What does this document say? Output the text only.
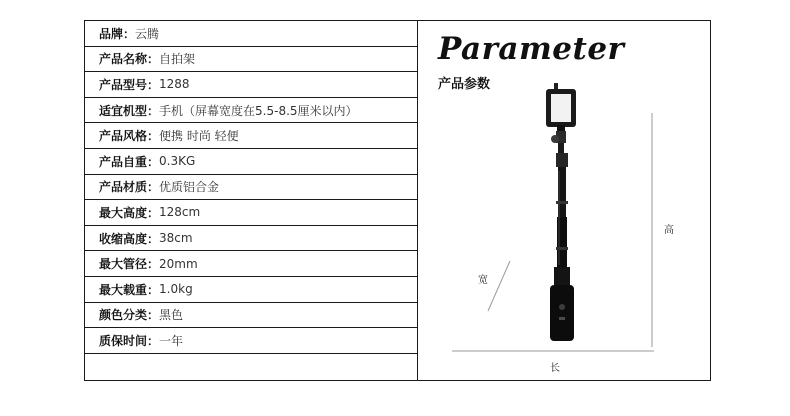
品牌 ： 云腾
产品名称 ： 自拍架
产品型号 ： 1288
适宜机型 ： 手机（屏幕宽度在5.5-8.5厘米以内）
产品风格 ： 便携 时尚 轻便
产品自重 ： 0.3KG
产品材质 ： 优质铝合金
最大高度 ： 128cm
收缩高度 ： 38cm
最大管径 ： 20mm
最大载重 ： 1.0kg
颜色分类 ： 黑色
质保时间 ： 一年
Parameter
产品参数
高
宽
长
